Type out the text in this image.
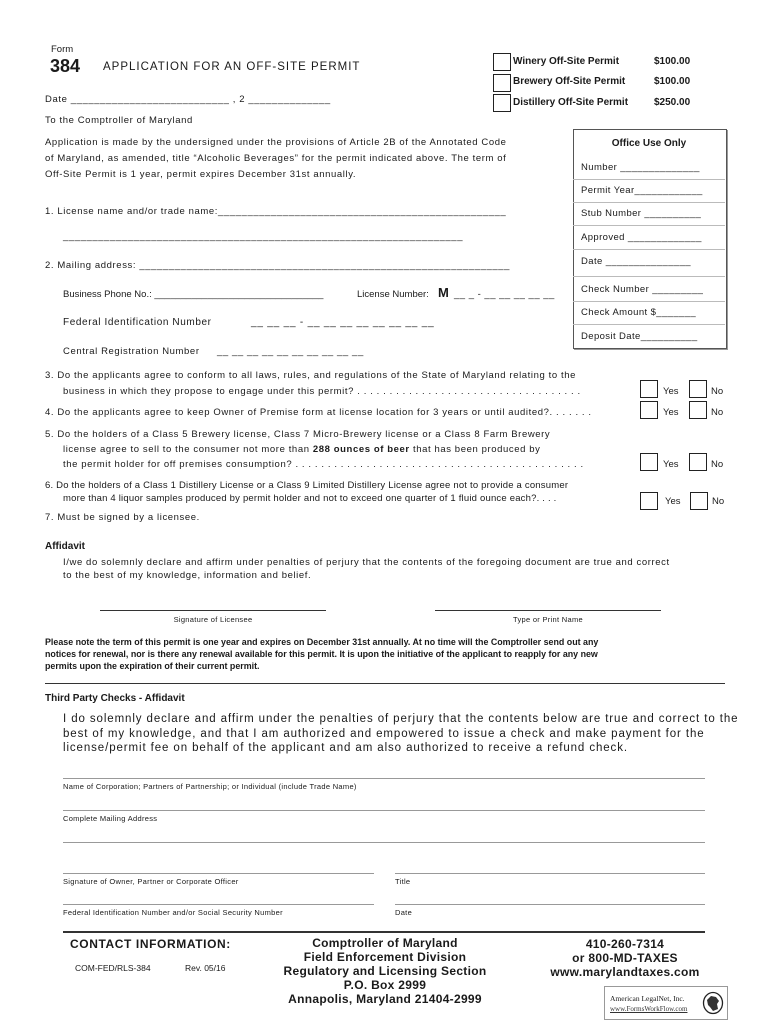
Form
384 APPLICATION FOR AN OFF-SITE PERMIT	Winery Off-Site Permit	$100.00
Brewery Off-Site Permit	$100.00
Distillery Off-Site Permit	$250.00
Date ___________________________ , 2 ______________
To the Comptroller of Maryland
Application is made by the undersigned under the provisions of Article 2B of the Annotated Code
of Maryland, as amended, title “Alcoholic Beverages” for the permit indicated above. The term of
Off-Site Permit is 1 year, permit expires December 31st annually.
Office Use Only
Number ______________
Permit Year____________
Stub Number __________
Approved _____________
Date _______________
Check Number _________
Check Amount $_______
Deposit Date__________
1. License name and/or trade name:_________________________________________________
____________________________________________________________________
2. Mailing address: _______________________________________________________________
Business Phone No.: ________________________________	License Number: M __ _ - __ __ __ __ __
Federal Identification Number	__ __ __ - __ __ __ __ __ __ __ __
Central Registration Number __ __ __ __ __ __ __ __ __ __
3. Do the applicants agree to conform to all laws, rules, and regulations of the State of Maryland relating to the
business in which they propose to engage under this permit? . . . . . . . . . . . . . . . . . . . . . . . . . . . . . . . . . . .	Yes	No
4. Do the applicants agree to keep Owner of Premise form at license location for 3 years or until audited?. . . . . . .	Yes	No
5. Do the holders of a Class 5 Brewery license, Class 7 Micro-Brewery license or a Class 8 Farm Brewery
license agree to sell to the consumer not more than 288 ounces of beer that has been produced by
the permit holder for off premises consumption? . . . . . . . . . . . . . . . . . . . . . . . . . . . . . . . . . . . . . . . . . . . . .	Yes	No
6. Do the holders of a Class 1 Distillery License or a Class 9 Limited Distillery License agree not to provide a consumer
more than 4 liquor samples produced by permit holder and not to exceed one quarter of 1 fluid ounce each?. . . .	Yes	No
7. Must be signed by a licensee.
Affidavit
I/we do solemnly declare and affirm under penalties of perjury that the contents of the foregoing document are true and correct
to the best of my knowledge, information and belief.
Signature of Licensee	Type or Print Name
Please note the term of this permit is one year and expires on December 31st annually. At no time will the Comptroller send out any
notices for renewal, nor is there any renewal available for this permit. It is upon the initiative of the applicant to reapply for any new
permits upon the expiration of their current permit.
Third Party Checks - Affidavit
I do solemnly declare and affirm under the penalties of perjury that the contents below are true and correct to the
best of my knowledge, and that I am authorized and empowered to issue a check and make payment for the
license/permit fee on behalf of the applicant and am also authorized to receive a refund check.
Name of Corporation; Partners of Partnership; or Individual (include Trade Name)
Complete Mailing Address
Signature of Owner, Partner or Corporate Officer	Title
Federal Identification Number and/or Social Security Number	Date
CONTACT INFORMATION:
COM-FED/RLS-384	Rev. 05/16
Comptroller of Maryland
Field Enforcement Division
Regulatory and Licensing Section
P.O. Box 2999
Annapolis, Maryland 21404-2999
410-260-7314
or 800-MD-TAXES
www.marylandtaxes.com
American LegalNet, Inc.
www.FormsWorkFlow.com
